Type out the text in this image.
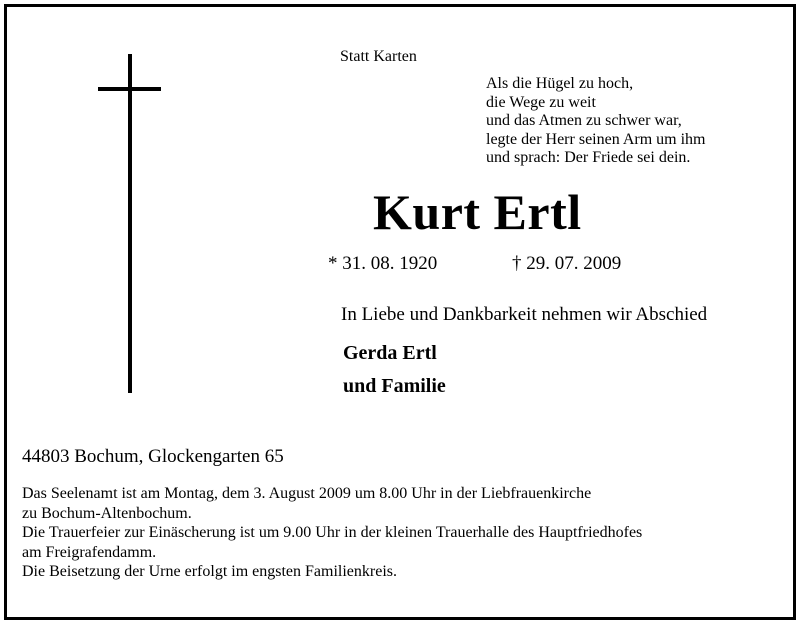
Statt Karten
Als die Hügel zu hoch,
die Wege zu weit
und das Atmen zu schwer war,
legte der Herr seinen Arm um ihm
und sprach: Der Friede sei dein.
Kurt Ertl
* 31. 08. 1920	† 29. 07. 2009
In Liebe und Dankbarkeit nehmen wir Abschied
Gerda Ertl
und Familie
44803 Bochum, Glockengarten 65
Das Seelenamt ist am Montag, dem 3. August 2009 um 8.00 Uhr in der Liebfrauenkirche
zu Bochum-Altenbochum.
Die Trauerfeier zur Einäscherung ist um 9.00 Uhr in der kleinen Trauerhalle des Hauptfriedhofes
am Freigrafendamm.
Die Beisetzung der Urne erfolgt im engsten Familienkreis.
